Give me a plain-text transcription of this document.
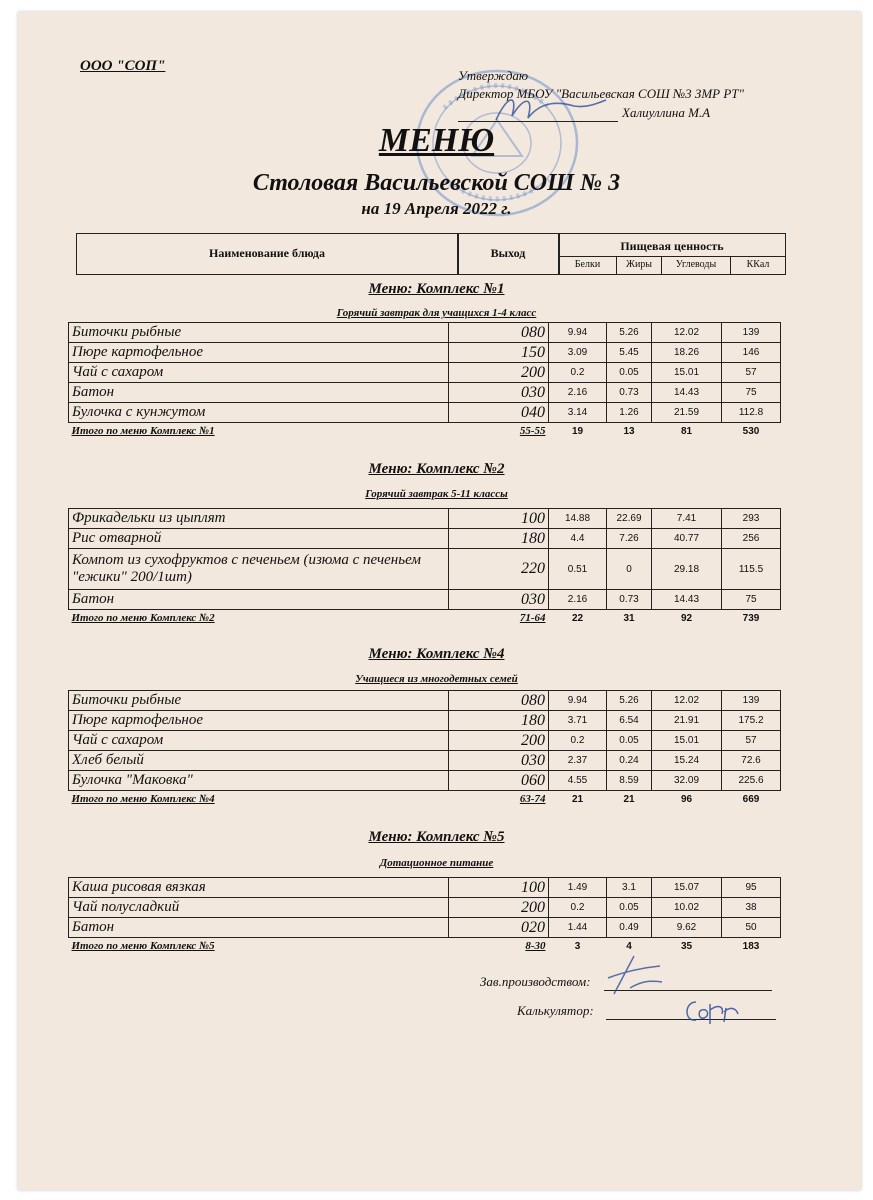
ООО "СОП"
Утверждаю
Директор МБОУ "Васильевская СОШ №3 ЗМР РТ"
Халиуллина М.А
МЕНЮ
Столовая Васильевской СОШ № 3
на 19 Апреля 2022 г.
Наименование блюда	Выход	Пищевая ценность
Белки	Жиры	Углеводы	ККал
Меню: Комплекс №1
Горячий завтрак для учащихся 1-4 класс
Биточки рыбные	080	9.94	5.26	12.02	139
Пюре картофельное	150	3.09	5.45	18.26	146
Чай с сахаром	200	0.2	0.05	15.01	57
Батон	030	2.16	0.73	14.43	75
Булочка с кунжутом	040	3.14	1.26	21.59	112.8
Итого по меню Комплекс №1	55-55	19	13	81	530
Меню: Комплекс №2
Горячий завтрак 5-11 классы
Фрикадельки из цыплят	100	14.88	22.69	7.41	293
Рис отварной	180	4.4	7.26	40.77	256
Компот из сухофруктов с печеньем (изюма с печеньем "ежики" 200/1шт)	220	0.51	0	29.18	115.5
Батон	030	2.16	0.73	14.43	75
Итого по меню Комплекс №2	71-64	22	31	92	739
Меню: Комплекс №4
Учащиеся из многодетных семей
Биточки рыбные	080	9.94	5.26	12.02	139
Пюре картофельное	180	3.71	6.54	21.91	175.2
Чай с сахаром	200	0.2	0.05	15.01	57
Хлеб белый	030	2.37	0.24	15.24	72.6
Булочка "Маковка"	060	4.55	8.59	32.09	225.6
Итого по меню Комплекс №4	63-74	21	21	96	669
Меню: Комплекс №5
Дотационное питание
Каша рисовая вязкая	100	1.49	3.1	15.07	95
Чай полусладкий	200	0.2	0.05	10.02	38
Батон	020	1.44	0.49	9.62	50
Итого по меню Комплекс №5	8-30	3	4	35	183
Зав.производством:
Калькулятор:
